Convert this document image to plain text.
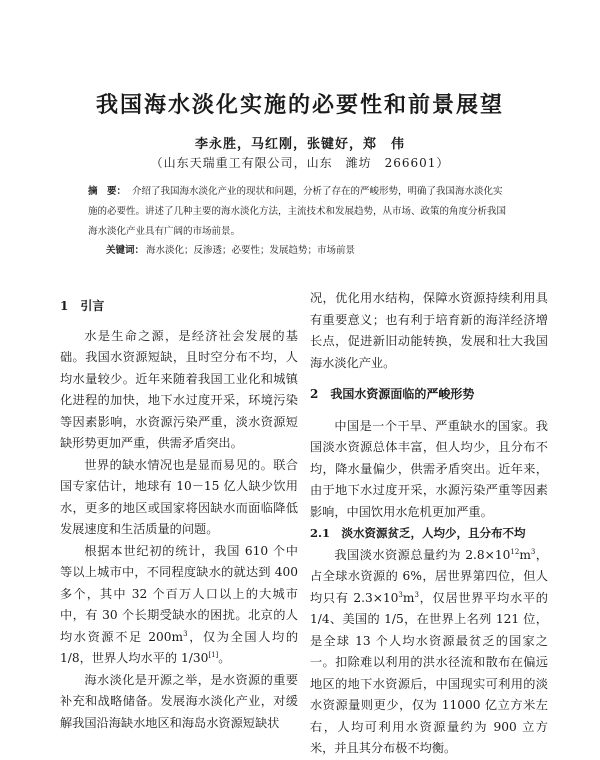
我国海水淡化实施的必要性和前景展望
李永胜，马红刚，张键好，郑　伟
（山东天瑞重工有限公司，山东　潍坊　266601）
摘　要： 介绍了我国海水淡化产业的现状和问题，分析了存在的严峻形势，明确了我国海水淡化实施的必要性。讲述了几种主要的海水淡化方法，主流技术和发展趋势，从市场、政策的角度分析我国海水淡化产业具有广阔的市场前景。
关键词： 海水淡化；反渗透；必要性；发展趋势；市场前景

1　引言

水是生命之源，是经济社会发展的基础。我国水资源短缺，且时空分布不均，人均水量较少。近年来随着我国工业化和城镇化进程的加快，地下水过度开采，环境污染等因素影响，水资源污染严重，淡水资源短缺形势更加严重，供需矛盾突出。

世界的缺水情况也是显而易见的。联合国专家估计，地球有 10－15 亿人缺少饮用水，更多的地区或国家将因缺水而面临降低发展速度和生活质量的问题。

根据本世纪初的统计，我国 610 个中等以上城市中，不同程度缺水的就达到 400 多个，其中 32 个百万人口以上的大城市中，有 30 个长期受缺水的困扰。北京的人均水资源不足 $200m^3$，仅为全国人均的 1/8，世界人均水平的 1/30[1]。

海水淡化是开源之举，是水资源的重要补充和战略储备。发展海水淡化产业，对缓解我国沿海缺水地区和海岛水资源短缺状

况，优化用水结构，保障水资源持续利用具有重要意义；也有利于培育新的海洋经济增长点，促进新旧动能转换，发展和壮大我国海水淡化产业。

2　我国水资源面临的严峻形势

中国是一个干旱、严重缺水的国家。我国淡水资源总体丰富，但人均少，且分布不均，降水量偏少，供需矛盾突出。近年来，由于地下水过度开采，水源污染严重等因素影响，中国饮用水危机更加严重。

2.1　淡水资源贫乏，人均少，且分布不均

我国淡水资源总量约为 $2.8\times 10^{12}m^3$，占全球水资源的 6%，居世界第四位，但人均只有 $2.3\times 10^3m^3$，仅居世界平均水平的 1/4、美国的 1/5，在世界上名列 121 位，是全球 13 个人均水资源最贫乏的国家之一。扣除难以利用的洪水径流和散布在偏远地区的地下水资源后，中国现实可利用的淡水资源量则更少，仅为 11000 亿立方米左右，人均可利用水资源量约为 900 立方米，并且其分布极不均衡。
